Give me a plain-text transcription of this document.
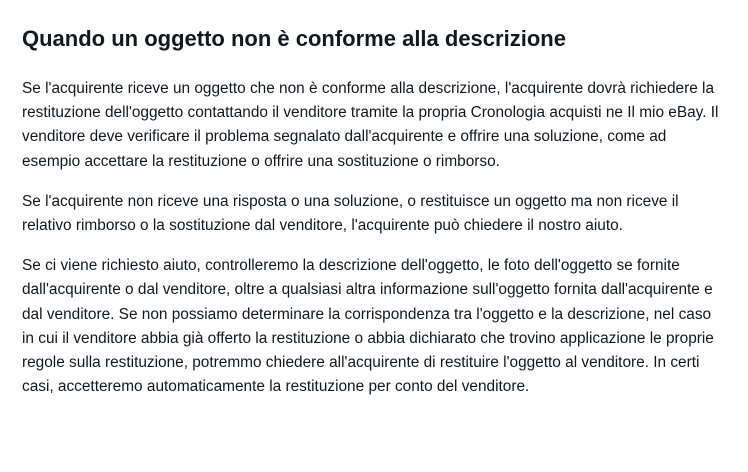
Quando un oggetto non è conforme alla descrizione

Se l'acquirente riceve un oggetto che non è conforme alla descrizione, l'acquirente dovrà richiedere la restituzione dell'oggetto contattando il venditore tramite la propria Cronologia acquisti ne Il mio eBay. Il venditore deve verificare il problema segnalato dall'acquirente e offrire una soluzione, come ad esempio accettare la restituzione o offrire una sostituzione o rimborso.

Se l'acquirente non riceve una risposta o una soluzione, o restituisce un oggetto ma non riceve il relativo rimborso o la sostituzione dal venditore, l'acquirente può chiedere il nostro aiuto.

Se ci viene richiesto aiuto, controlleremo la descrizione dell'oggetto, le foto dell'oggetto se fornite dall'acquirente o dal venditore, oltre a qualsiasi altra informazione sull'oggetto fornita dall'acquirente e dal venditore. Se non possiamo determinare la corrispondenza tra l'oggetto e la descrizione, nel caso in cui il venditore abbia già offerto la restituzione o abbia dichiarato che trovino applicazione le proprie regole sulla restituzione, potremmo chiedere all'acquirente di restituire l'oggetto al venditore. In certi casi, accetteremo automaticamente la restituzione per conto del venditore.
